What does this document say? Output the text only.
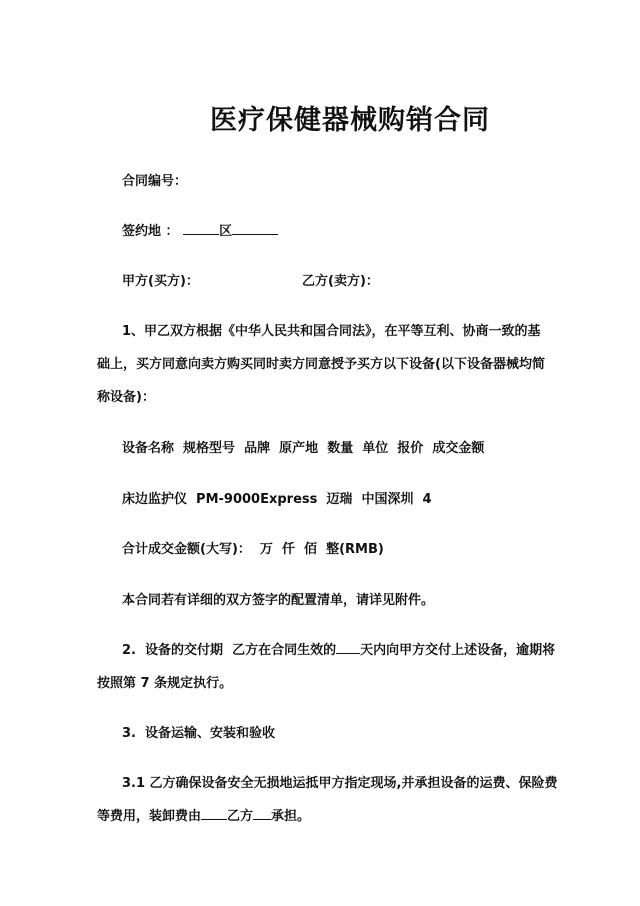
医疗保健器械购销合同
合同编号：
签约地 ：	区
甲方(买方)：	乙方(卖方)：
1、甲乙双方根据《中华人民共和国合同法》，在平等互利、协商一致的基
础上，买方同意向卖方购买同时卖方同意授予买方以下设备(以下设备器械均简
称设备)：
设备名称  规格型号  品牌  原产地  数量  单位  报价  成交金额
床边监护仪  PM-9000Express  迈瑞  中国深圳  4
合计成交金额(大写)：  万  仟  佰  整(RMB)
本合同若有详细的双方签字的配置清单，请详见附件。
2.  设备的交付期  乙方在合同生效的 天内向甲方交付上述设备，逾期将
按照第 7 条规定执行。
3.  设备运输、安装和验收
3.1 乙方确保设备安全无损地运抵甲方指定现场,并承担设备的运费、保险费
等费用，装卸费由 乙方 承担。
